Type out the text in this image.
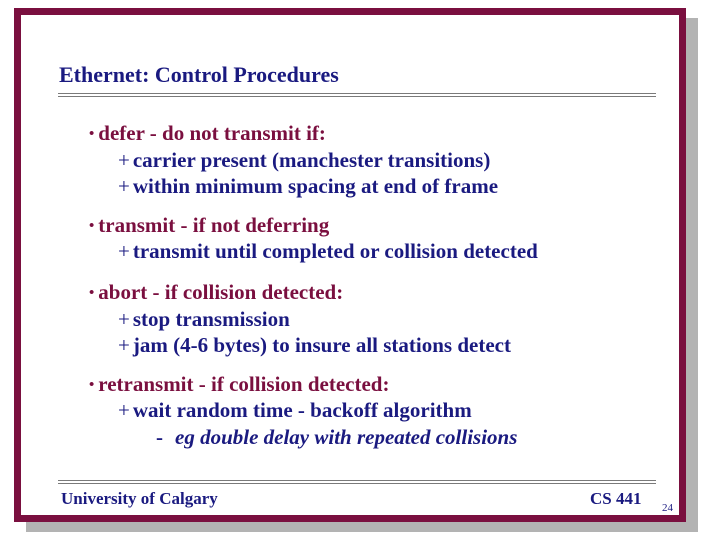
Ethernet: Control Procedures
• defer - do not transmit if:
+ carrier present (manchester transitions)
+ within minimum spacing at end of frame
• transmit - if not deferring
+ transmit until completed or collision detected
• abort - if collision detected:
+ stop transmission
+ jam (4-6 bytes) to insure all stations detect
• retransmit - if collision detected:
+ wait random time - backoff algorithm
- eg double delay with repeated collisions
University of Calgary	CS 441 24
